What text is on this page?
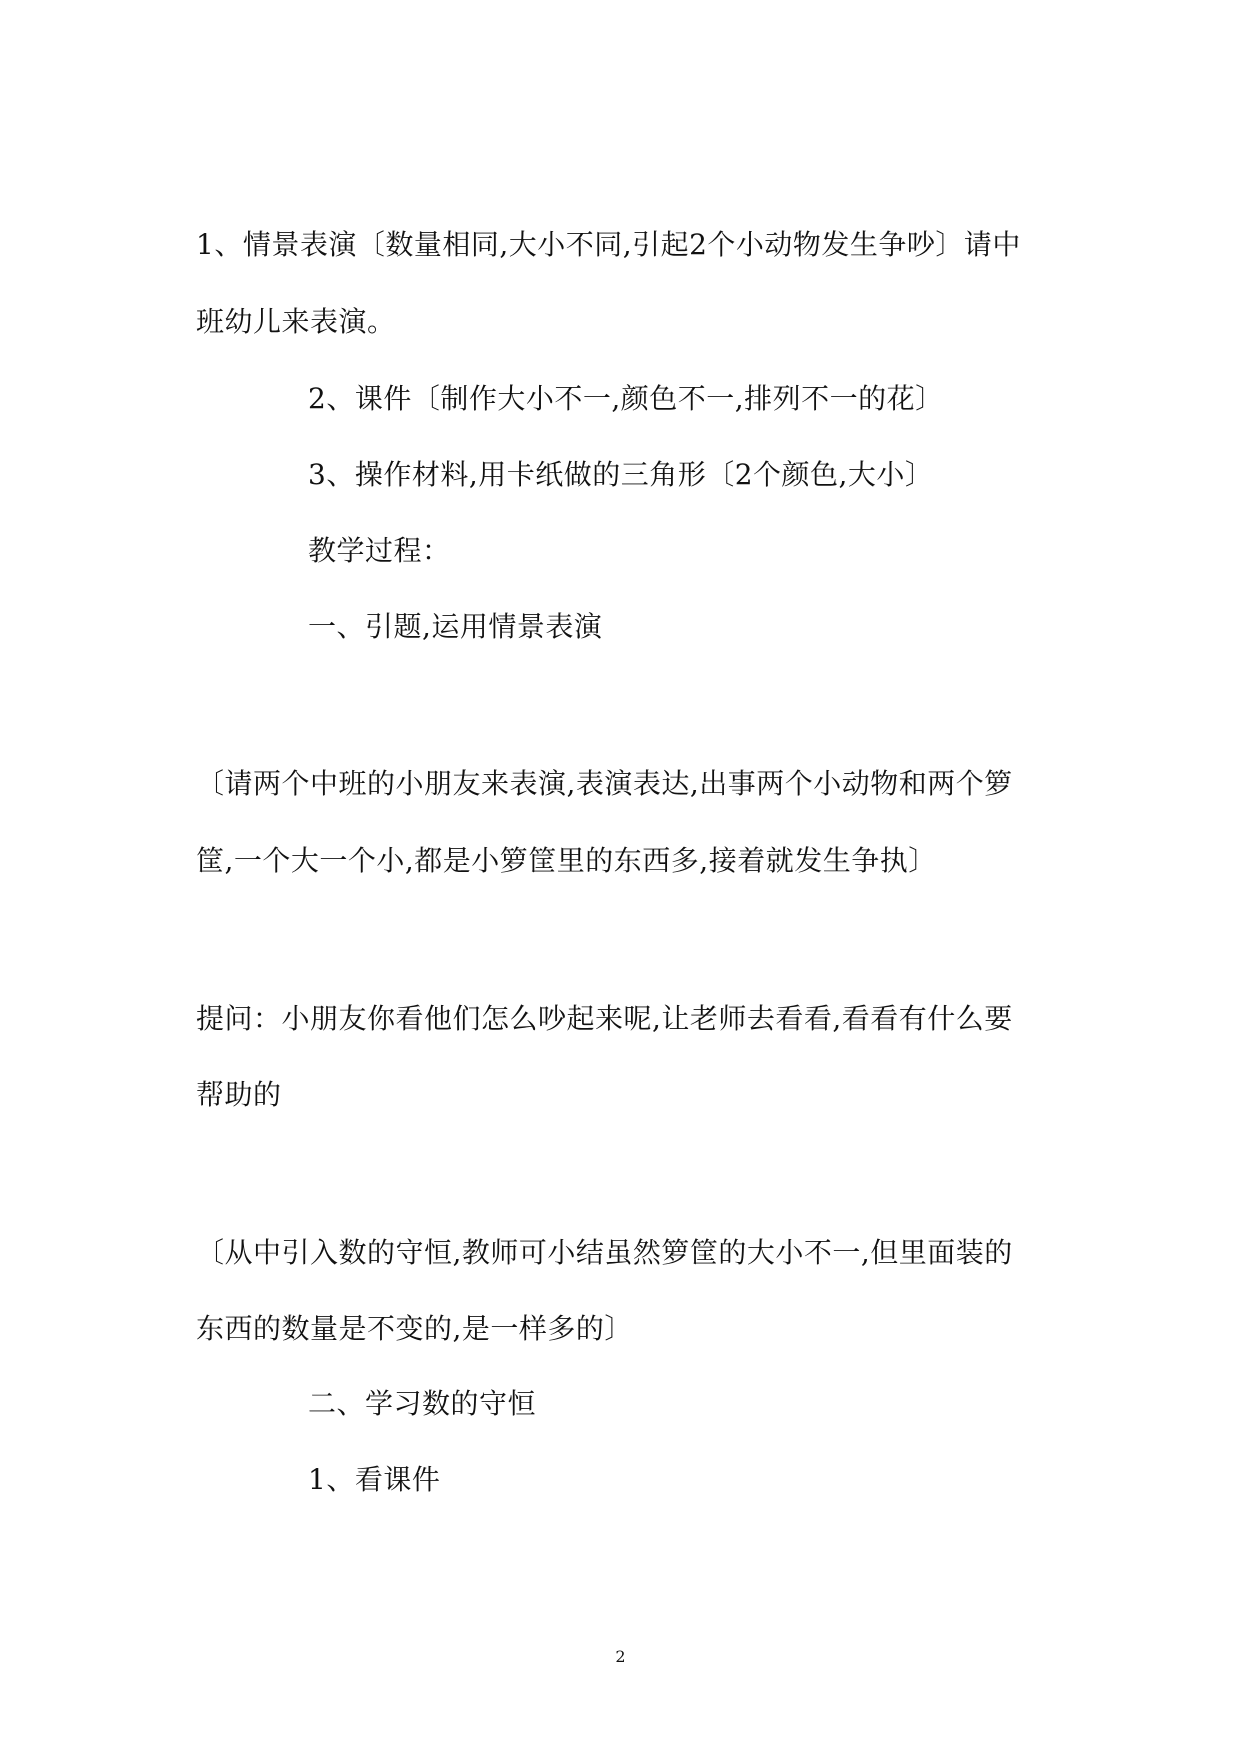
1、情景表演〔数量相同,大小不同,引起2个小动物发生争吵〕请中
班幼儿来表演。
2、课件〔制作大小不一,颜色不一,排列不一的花〕
3、操作材料,用卡纸做的三角形〔2个颜色,大小〕
教学过程：
一、引题,运用情景表演
〔请两个中班的小朋友来表演,表演表达,出事两个小动物和两个箩
筐,一个大一个小,都是小箩筐里的东西多,接着就发生争执〕
提问：小朋友你看他们怎么吵起来呢,让老师去看看,看看有什么要
帮助的
〔从中引入数的守恒,教师可小结虽然箩筐的大小不一,但里面装的
东西的数量是不变的,是一样多的〕
二、学习数的守恒
1、看课件
2
